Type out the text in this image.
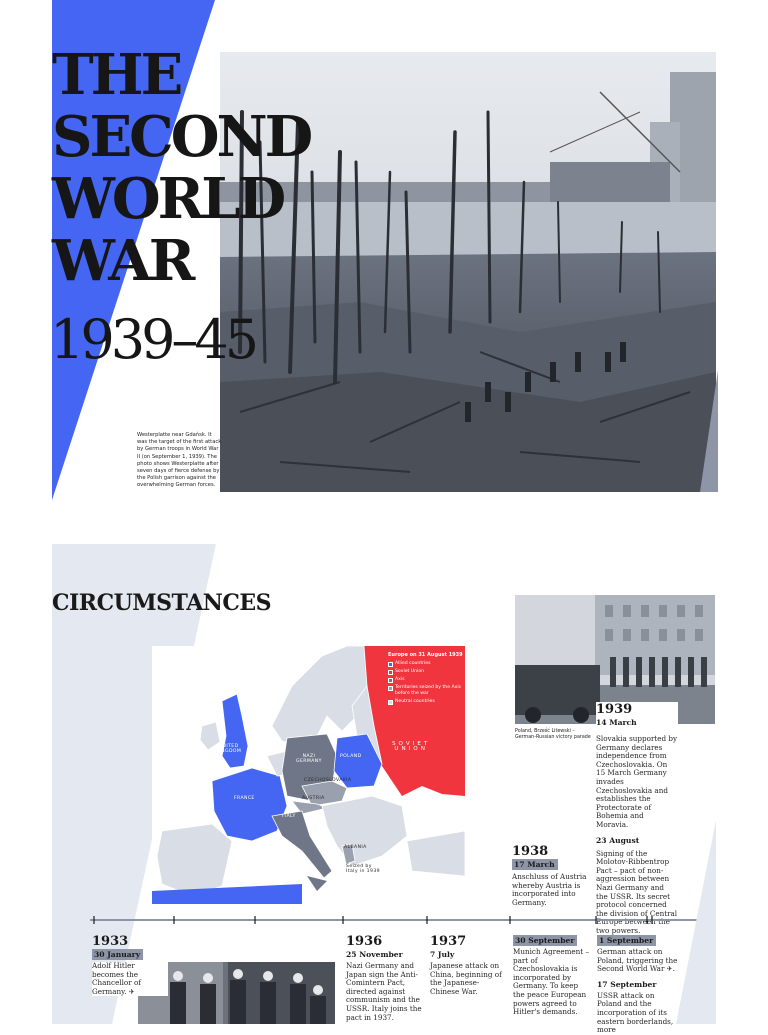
THE
SECOND
WORLD
WAR
1939–45
Westerplatte near Gdańsk. It was the target of the first attack by German troops in World War II (on September 1, 1939). The photo shows Westerplatte after seven days of fierce defense by the Polish garrison against the overwhelming German forces.
CIRCUMSTANCES
UNITED
KINGDOM
FRANCE
NAZI
GERMANY
POLAND
CZECHOSLOVAKIA
AUSTRIA
ITALY
ALBANIA
Seized by
Italy in 1939
SOVIET
UNION
Europe on 31 August 1939
Allied countries
Soviet Union
Axis
Territories seized by the Axis before the war
Neutral countries
Poland, Brześć Litewski – German-Russian victory parade
1939
14 March
Slovakia supported by Germany declares independence from Czechoslovakia. On 15 March Germany invades Czechoslovakia and establishes the Protectorate of Bohemia and Moravia.
23 August
Signing of the Molotov-Ribbentrop Pact – pact of non-aggression between Nazi Germany and the USSR. Its secret protocol concerned the division of Central Europe between the two powers.
1938
17 March
Anschluss of Austria whereby Austria is incorporated into Germany.
1933
30 January
Adolf Hitler becomes the Chancellor of Germany. ✈
1936
25 November
Nazi Germany and Japan sign the Anti-Comintern Pact, directed against communism and the USSR. Italy joins the pact in 1937.
1937
7 July
Japanese attack on China, beginning of the Japanese-Chinese War.
30 September
Munich Agreement – part of Czechoslovakia is incorporated by Germany. To keep the peace European powers agreed to Hitler's demands.
1 September
German attack on Poland, triggering the Second World War ✈.
17 September
USSR attack on Poland and the incorporation of its eastern borderlands, more
